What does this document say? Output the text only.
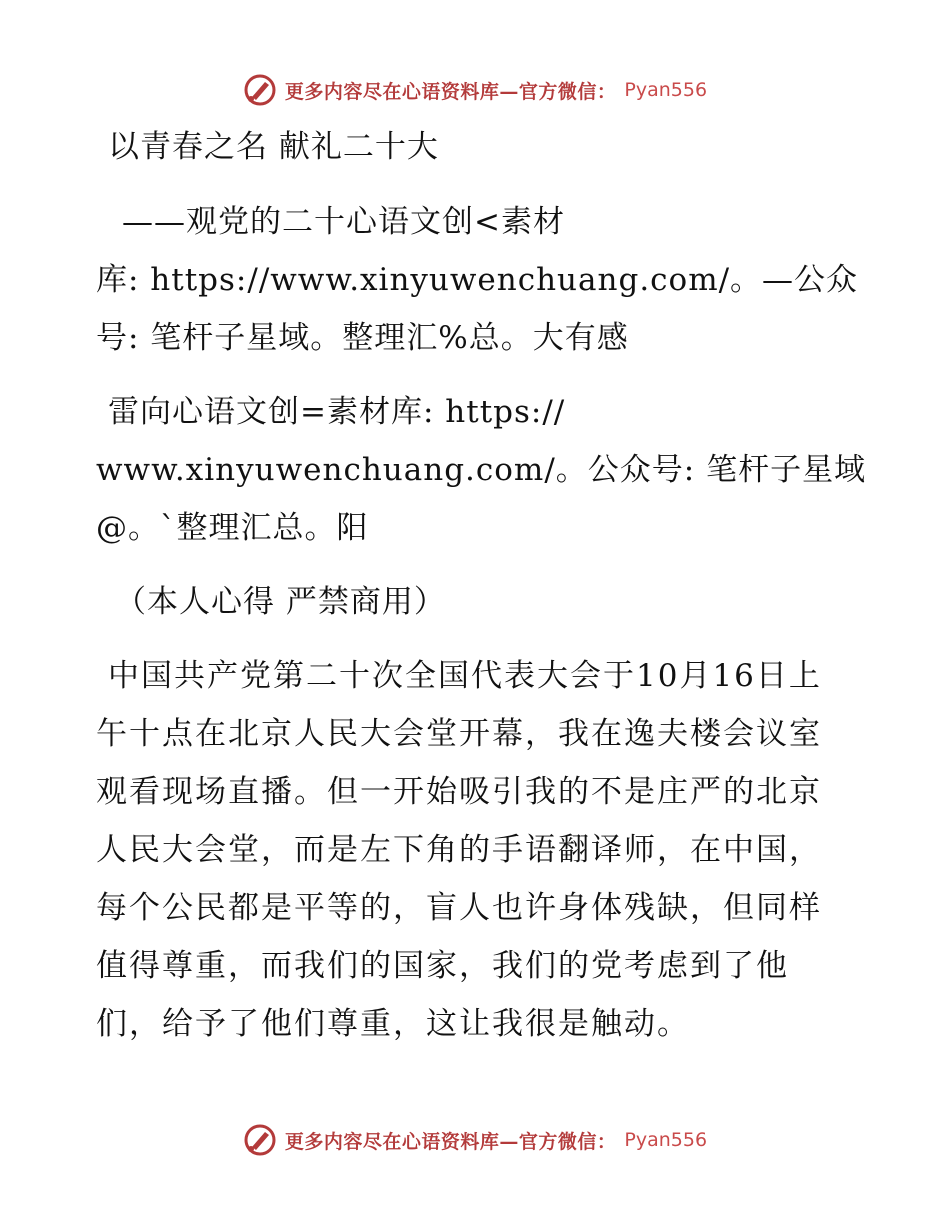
更多内容尽在心语资料库—官方微信： Pyan556
以青春之名 献礼二十大
——观党的二十心语文创<素材
库: https://www.xinyuwenchuang.com/。—公众
号: 笔杆子星域。整理汇%总。大有感
雷向心语文创=素材库: https://
www.xinyuwenchuang.com/。公众号: 笔杆子星域
@。`整理汇总。阳
（本人心得 严禁商用）
中国共产党第二十次全国代表大会于10月16日上
午十点在北京人民大会堂开幕，我在逸夫楼会议室
观看现场直播。但一开始吸引我的不是庄严的北京
人民大会堂，而是左下角的手语翻译师，在中国，
每个公民都是平等的，盲人也许身体残缺，但同样
值得尊重，而我们的国家，我们的党考虑到了他
们，给予了他们尊重，这让我很是触动。
更多内容尽在心语资料库—官方微信： Pyan556
